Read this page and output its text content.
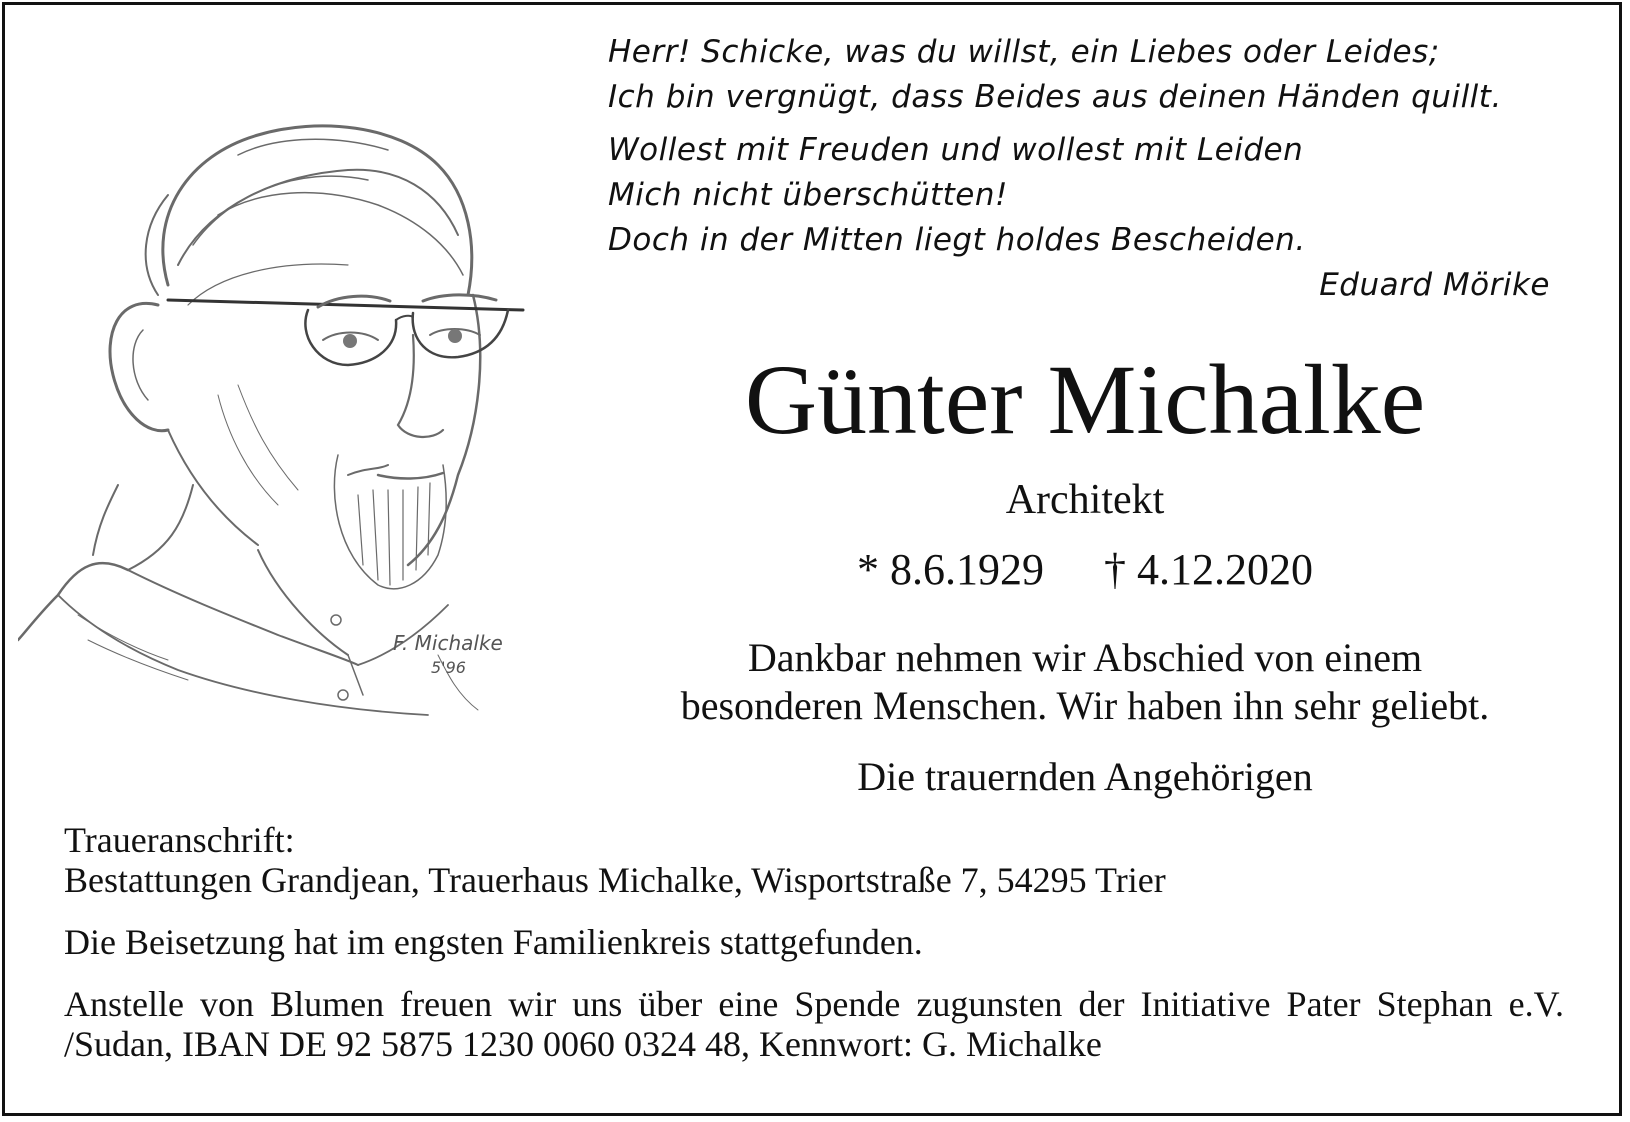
F. Michalke
5'96
Herr! Schicke, was du willst, ein Liebes oder Leides;
Ich bin vergnügt, dass Beides aus deinen Händen quillt.
Wollest mit Freuden und wollest mit Leiden
Mich nicht überschütten!
Doch in der Mitten liegt holdes Bescheiden.
Eduard Mörike
Günter Michalke
Architekt
* 8.6.1929 † 4.12.2020
Dankbar nehmen wir Abschied von einem
besonderen Menschen. Wir haben ihn sehr geliebt.
Die trauernden Angehörigen
Traueranschrift:
Bestattungen Grandjean, Trauerhaus Michalke, Wisportstraße 7, 54295 Trier
Die Beisetzung hat im engsten Familienkreis stattgefunden.
Anstelle von Blumen freuen wir uns über eine Spende zugunsten der Initiative Pater Stephan e.V. /Sudan, IBAN DE 92 5875 1230 0060 0324 48, Kennwort: G. Michalke
